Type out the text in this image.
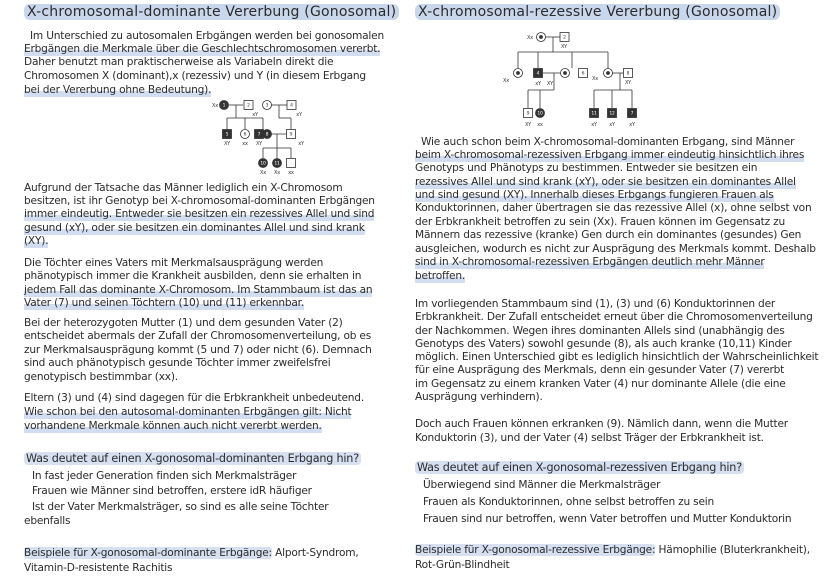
X-chromosomal-dominante Vererbung (Gonosomal)
Im Unterschied zu autosomalen Erbgängen werden bei gonosomalen
Erbgängen die Merkmale über die Geschlechtschromosomen vererbt.
Daher benutzt man praktischerweise als Variabeln direkt die
Chromosomen X (dominant),x (rezessiv) und Y (in diesem Erbgang
bei der Vererbung ohne Bedeutung).
1
5	7 8
10 11
2	3	4
6	9
xY
Xx
XY xx XY
xY
xY
Xx Xx xx
Aufgrund der Tatsache das Männer lediglich ein X-Chromosom
besitzen, ist ihr Genotyp bei X-chromosomal-dominanten Erbgängen
immer eindeutig. Entweder sie besitzen ein rezessives Allel und sind
gesund (xY), oder sie besitzen ein dominantes Allel und sind krank
(XY).
Die Töchter eines Vaters mit Merkmalsausprägung werden
phänotypisch immer die Krankheit ausbilden, denn sie erhalten in
jedem Fall das dominante X-Chromosom. Im Stammbaum ist das an
Vater (7) und seinen Töchtern (10) und (11) erkennbar.
Bei der heterozygoten Mutter (1) und dem gesunden Vater (2)
entscheidet abermals der Zufall der Chromosomenverteilung, ob es
zur Merkmalsausprägung kommt (5 und 7) oder nicht (6). Demnach
sind auch phänotypisch gesunde Töchter immer zweifelsfrei
genotypisch bestimmbar (xx).
Eltern (3) und (4) sind dagegen für die Erbkrankheit unbedeutend.
Wie schon bei den autosomal-dominanten Erbgängen gilt: Nicht
vorhandene Merkmale können auch nicht vererbt werden.
Was deutet auf einen X-gonosomal-dominanten Erbgang hin?
In fast jeder Generation finden sich Merkmalsträger
Frauen wie Männer sind betroffen, erstere idR häufiger
Ist der Vater Merkmalsträger, so sind es alle seine Töchter
ebenfalls
Beispiele für X-gonosomal-dominante Erbgänge: Alport-Syndrom,
Vitamin-D-resistente Rachitis
X-chromosomal-rezessive Vererbung (Gonosomal)
2
6	8
9
4
10	11	12	7
Xx
XY
Xx	xY XY
Xx
XY
XY xx	xY xY	xY
Wie auch schon beim X-chromosomal-dominanten Erbgang, sind Männer
beim X-chromosomal-rezessiven Erbgang immer eindeutig hinsichtlich ihres
Genotyps und Phänotyps zu bestimmen. Entweder sie besitzen ein
rezessives Allel und sind krank (xY), oder sie besitzen ein dominantes Allel
und sind gesund (XY). Innerhalb dieses Erbgangs fungieren Frauen als
Konduktorinnen, daher übertragen sie das rezessive Allel (x), ohne selbst von
der Erbkrankheit betroffen zu sein (Xx). Frauen können im Gegensatz zu
Männern das rezessive (kranke) Gen durch ein dominantes (gesundes) Gen
ausgleichen, wodurch es nicht zur Ausprägung des Merkmals kommt. Deshalb
sind in X-chromosomal-rezessiven Erbgängen deutlich mehr Männer
betroffen.
Im vorliegenden Stammbaum sind (1), (3) und (6) Konduktorinnen der
Erbkrankheit. Der Zufall entscheidet erneut über die Chromosomenverteilung
der Nachkommen. Wegen ihres dominanten Allels sind (unabhängig des
Genotyps des Vaters) sowohl gesunde (8), als auch kranke (10,11) Kinder
möglich. Einen Unterschied gibt es lediglich hinsichtlich der Wahrscheinlichkeit
für eine Ausprägung des Merkmals, denn ein gesunder Vater (7) vererbt
im Gegensatz zu einem kranken Vater (4) nur dominante Allele (die eine
Ausprägung verhindern).
Doch auch Frauen können erkranken (9). Nämlich dann, wenn die Mutter
Konduktorin (3), und der Vater (4) selbst Träger der Erbkrankheit ist.
Was deutet auf einen X-gonosomal-rezessiven Erbgang hin?
Überwiegend sind Männer die Merkmalsträger
Frauen als Konduktorinnen, ohne selbst betroffen zu sein
Frauen sind nur betroffen, wenn Vater betroffen und Mutter Konduktorin
Beispiele für X-gonosomal-rezessive Erbgänge: Hämophilie (Bluterkrankheit),
Rot-Grün-Blindheit
